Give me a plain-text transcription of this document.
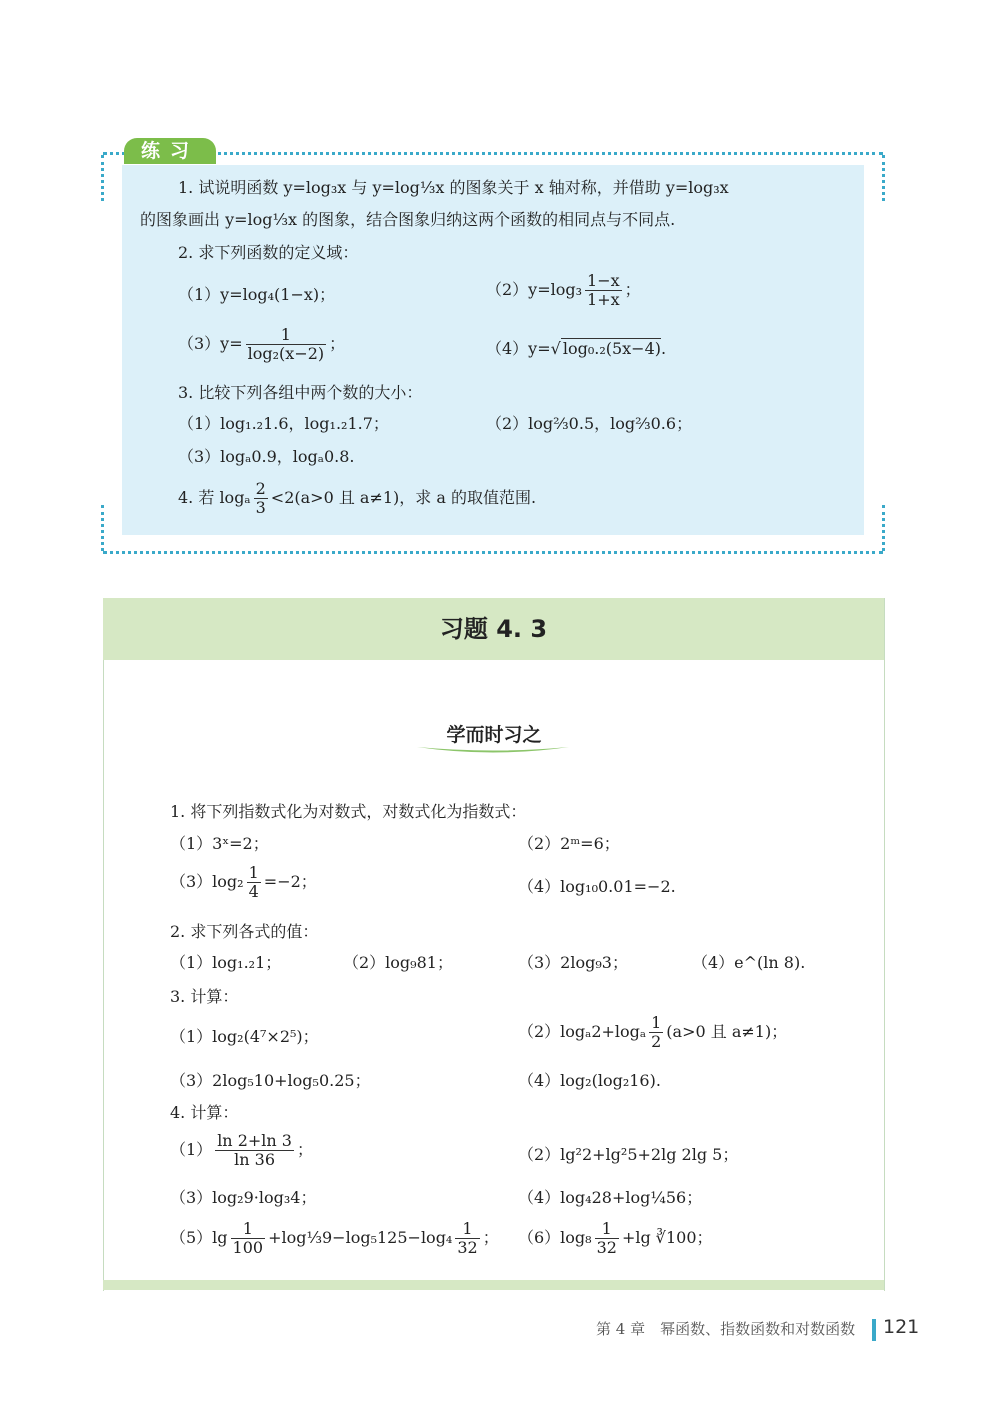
练习
1. 试说明函数 y=log₃x 与 y=log⅓x 的图象关于 x 轴对称，并借助 y=log₃x
的图象画出 y=log⅓x 的图象，结合图象归纳这两个函数的相同点与不同点.
2. 求下列函数的定义域：
（1）y=log₄(1−x)；	$(2)y=\log_3 \frac{1-x}{1+x}$ ；
$(3)y= \frac{1}{\text{log₂(x−2)}}$ ；	（4）y=√ log₀.₂(5x−4).
3. 比较下列各组中两个数的大小：
（1）log₁.₂1.6，log₁.₂1.7；	（2）log⅔0.5，log⅔0.6；
（3）logₐ0.9，logₐ0.8.
4. 若 logₐ $\frac{2}{3} <2(a>0$ 且 a≠1)，求 a 的取值范围.
习题 4. 3
学而时习之
1. 将下列指数式化为对数式，对数式化为指数式：
（1）3ˣ=2；	（2）2ᵐ=6；
$(3)\log_2 \frac{1}{4} =-2$；	（4）log₁₀0.01=−2.
2. 求下列各式的值：
（1）log₁.₂1；	（2）log₉81；	（3）2log₉3；	（4）e^(ln 8).
3. 计算：
（1）log₂(4⁷×2⁵)；	$(2)\log_a2+\log_a \frac{1}{2} (a>0$ 且 a≠1)；
（3）2log₅10+log₅0.25；	（4）log₂(log₂16).
4. 计算：
$(1) \frac{\ln 2+\ln 3}{\ln 36}$ ；	（2）lg²2+lg²5+2lg 2lg 5；
（3）log₂9·log₃4；	（4）log₄28+log¼56；
$(5)\lg \frac{1}{100}$ +log⅓9−log₅125−log₄ $\frac{1}{32}$ ； $(6)\log_8 \frac{1}{32} +\lg$ ∛100；
第 4 章　幂函数、指数函数和对数函数 121
